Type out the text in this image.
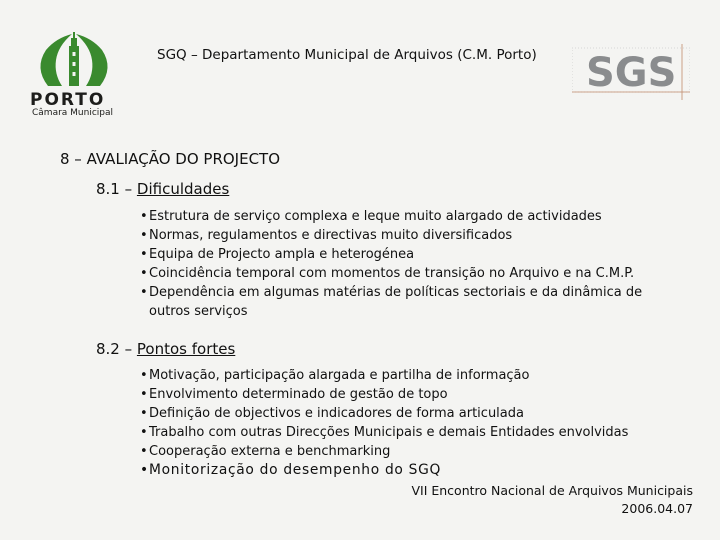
PORTO
Câmara Municipal
SGQ – Departamento Municipal de Arquivos (C.M. Porto) SGS
8 – AVALIAÇÃO DO PROJECTO
8.1 – Dificuldades
• Estrutura de serviço complexa e leque muito alargado de actividades
• Normas, regulamentos e directivas muito diversificados
• Equipa de Projecto ampla e heterogénea
• Coincidência temporal com momentos de transição no Arquivo e na C.M.P.
• Dependência em algumas matérias de políticas sectoriais e da dinâmica de
outros serviços
8.2 – Pontos fortes
• Motivação, participação alargada e partilha de informação
• Envolvimento determinado de gestão de topo
• Definição de objectivos e indicadores de forma articulada
• Trabalho com outras Direcções Municipais e demais Entidades envolvidas
• Cooperação externa e benchmarking
• Monitorização do desempenho do SGQ
VII Encontro Nacional de Arquivos Municipais
2006.04.07
